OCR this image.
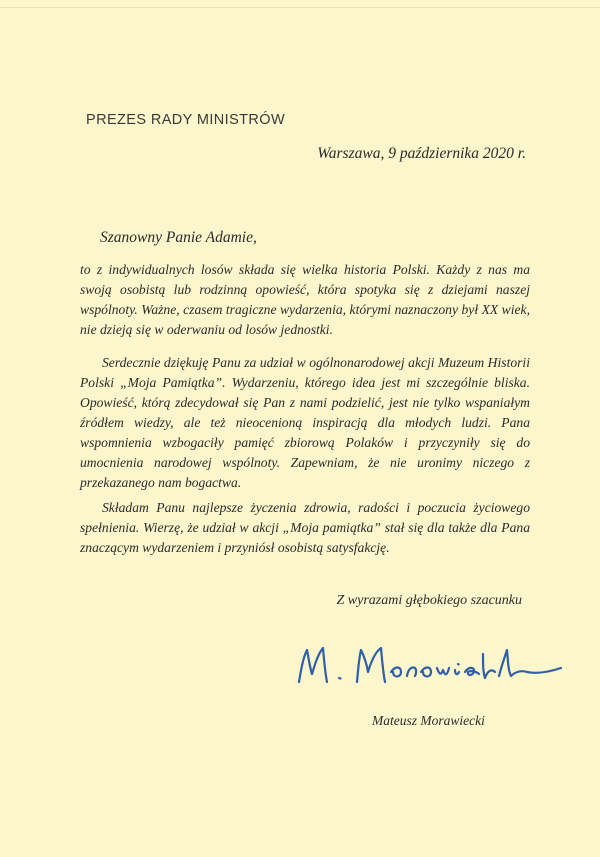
PREZES RADY MINISTRÓW
Warszawa, 9 października 2020 r.
Szanowny Panie Adamie,
to z indywidualnych losów składa się wielka historia Polski. Każdy z nas ma swoją osobistą lub rodzinną opowieść, która spotyka się z dziejami naszej wspólnoty. Ważne, czasem tragiczne wydarzenia, którymi naznaczony był XX wiek, nie dzieją się w oderwaniu od losów jednostki.
Serdecznie dziękuję Panu za udział w ogólnonarodowej akcji Muzeum Historii Polski „Moja Pamiątka”. Wydarzeniu, którego idea jest mi szczególnie bliska. Opowieść, którą zdecydował się Pan z nami podzielić, jest nie tylko wspaniałym źródłem wiedzy, ale też nieocenioną inspiracją dla młodych ludzi. Pana wspomnienia wzbogaciły pamięć zbiorową Polaków i przyczyniły się do umocnienia narodowej wspólnoty. Zapewniam, że nie uronimy niczego z przekazanego nam bogactwa.
Składam Panu najlepsze życzenia zdrowia, radości i poczucia życiowego spełnienia. Wierzę, że udział w akcji „Moja pamiątka” stał się dla także dla Pana znaczącym wydarzeniem i przyniósł osobistą satysfakcję.
Z wyrazami głębokiego szacunku
Mateusz Morawiecki
